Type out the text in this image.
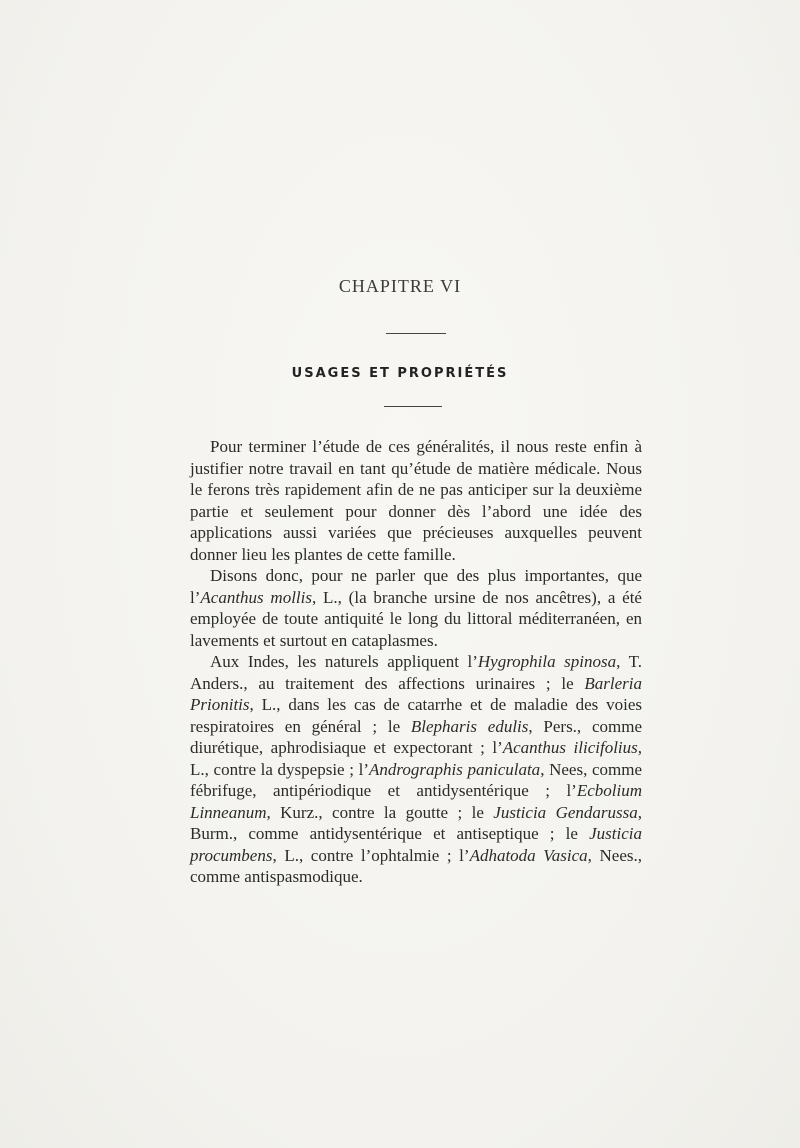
CHAPITRE VI
USAGES ET PROPRIÉTÉS

Pour terminer l’étude de ces généralités, il nous reste enfin à justifier notre travail en tant qu’étude de matière médicale. Nous le ferons très rapidement afin de ne pas anticiper sur la deuxième partie et seulement pour donner dès l’abord une idée des applications aussi variées que précieuses auxquelles peuvent donner lieu les plantes de cette famille.

Disons donc, pour ne parler que des plus importantes, que l’Acanthus mollis, L., (la branche ursine de nos ancêtres), a été employée de toute antiquité le long du littoral méditerranéen, en lavements et surtout en cataplasmes.

Aux Indes, les naturels appliquent l’Hygrophila spinosa, T. Anders., au traitement des affections urinaires ; le Barleria Prionitis, L., dans les cas de catarrhe et de maladie des voies respiratoires en général ; le Blepharis edulis, Pers., comme diurétique, aphrodisiaque et expectorant ; l’Acanthus ilicifolius, L., contre la dyspepsie ; l’Andrographis paniculata, Nees, comme fébrifuge, antipériodique et antidysentérique ; l’Ecbolium Linneanum, Kurz., contre la goutte ; le Justicia Gendarussa, Burm., comme antidysentérique et antiseptique ; le Justicia procumbens, L., contre l’ophtalmie ; l’Adhatoda Vasica, Nees., comme antispasmodique.
